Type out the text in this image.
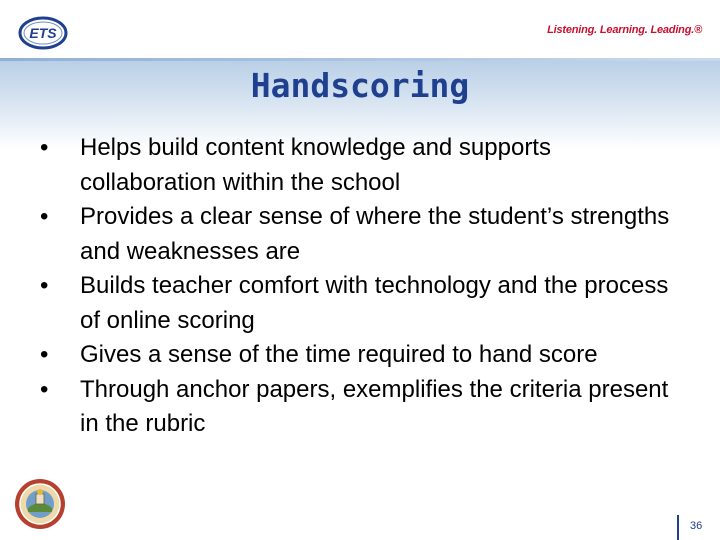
ETS	Listening. Learning. Leading.®
Handscoring
•	Helps build content knowledge and supports collaboration within the school
•	Provides a clear sense of where the student’s strengths and weaknesses are
•	Builds teacher comfort with technology and the process of online scoring
•	Gives a sense of the time required to hand score
•	Through anchor papers, exemplifies the criteria present in the rubric
36
